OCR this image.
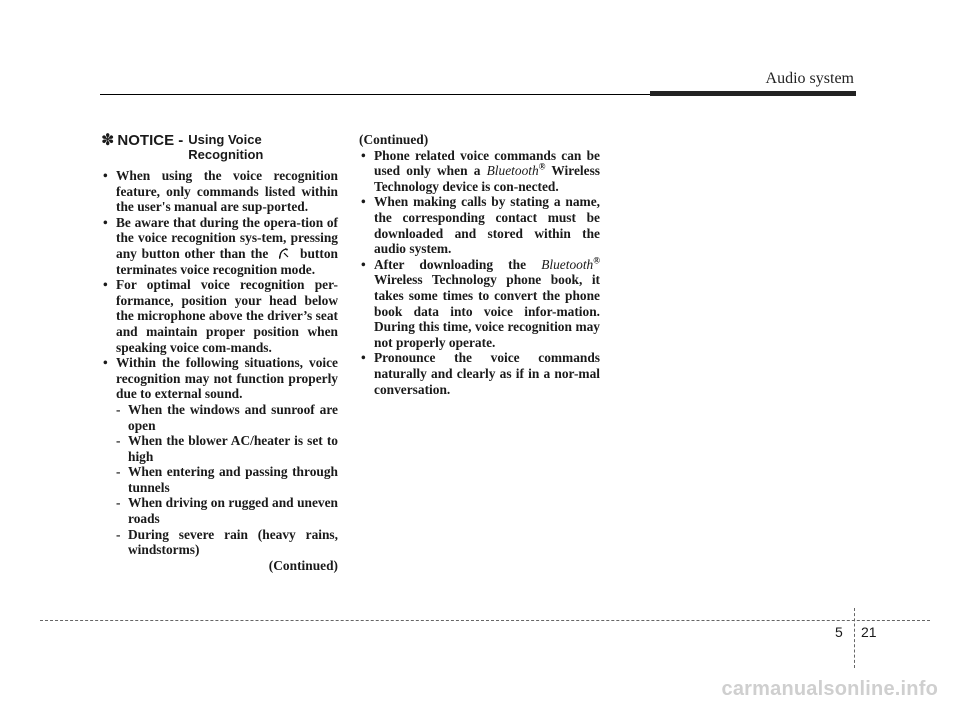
Audio system
✽ NOTICE - Using Voice Recognition
• When using the voice recognition feature, only commands listed within the user's manual are sup-ported.
• Be aware that during the opera-tion of the voice recognition sys-tem, pressing any button other than the button terminates voice recognition mode.
• For optimal voice recognition per-formance, position your head below the microphone above the driver’s seat and maintain proper position when speaking voice com-mands.
• Within the following situations, voice recognition may not function properly due to external sound.
- When the windows and sunroof are open
- When the blower AC/heater is set to high
- When entering and passing through tunnels
- When driving on rugged and uneven roads
- During severe rain (heavy rains, windstorms)
(Continued)
(Continued)
• Phone related voice commands can be used only when a Bluetooth® Wireless Technology device is con-nected.
• When making calls by stating a name, the corresponding contact must be downloaded and stored within the audio system.
• After downloading the Bluetooth® Wireless Technology phone book, it takes some times to convert the phone book data into voice infor-mation. During this time, voice recognition may not properly operate.
• Pronounce the voice commands naturally and clearly as if in a nor-mal conversation.
5 21
carmanualsonline.info
